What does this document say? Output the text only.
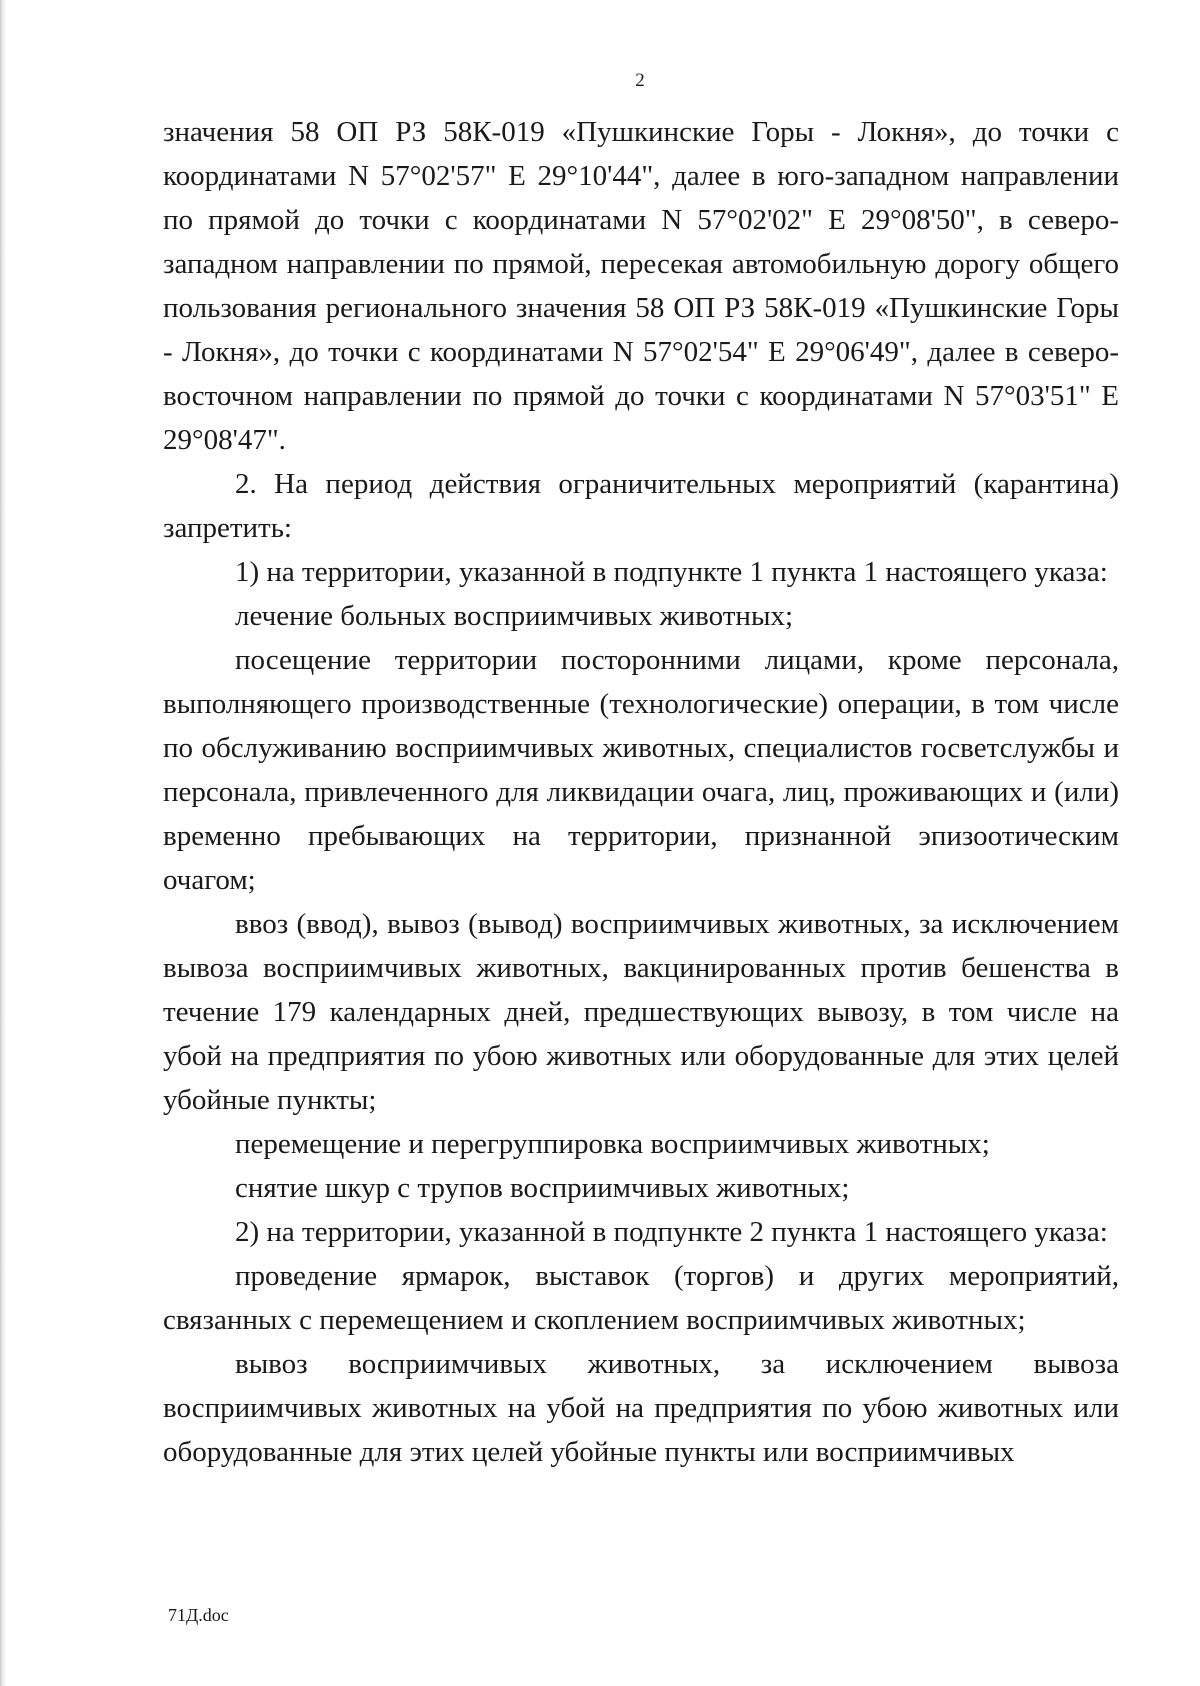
2

значения 58 ОП РЗ 58К-019 «Пушкинские Горы - Локня», до точки с координатами N 57°02'57" E 29°10'44", далее в юго-западном направлении по прямой до точки с координатами N 57°02'02" E 29°08'50", в северо-западном направлении по прямой, пересекая автомобильную дорогу общего пользования регионального значения 58 ОП РЗ 58К-019 «Пушкинские Горы - Локня», до точки с координатами N 57°02'54" E 29°06'49", далее в северо-восточном направлении по прямой до точки с координатами N 57°03'51" E 29°08'47".

2. На период действия ограничительных мероприятий (карантина) запретить:

1) на территории, указанной в подпункте 1 пункта 1 настоящего указа:

лечение больных восприимчивых животных;

посещение территории посторонними лицами, кроме персонала, выполняющего производственные (технологические) операции, в том числе по обслуживанию восприимчивых животных, специалистов госветслужбы и персонала, привлеченного для ликвидации очага, лиц, проживающих и (или) временно пребывающих на территории, признанной эпизоотическим очагом;

ввоз (ввод), вывоз (вывод) восприимчивых животных, за исключением вывоза восприимчивых животных, вакцинированных против бешенства в течение 179 календарных дней, предшествующих вывозу, в том числе на убой на предприятия по убою животных или оборудованные для этих целей убойные пункты;

перемещение и перегруппировка восприимчивых животных;

снятие шкур с трупов восприимчивых животных;

2) на территории, указанной в подпункте 2 пункта 1 настоящего указа:

проведение ярмарок, выставок (торгов) и других мероприятий, связанных с перемещением и скоплением восприимчивых животных;

вывоз восприимчивых животных, за исключением вывоза восприимчивых животных на убой на предприятия по убою животных или оборудованные для этих целей убойные пункты или восприимчивых

71Д.doc
